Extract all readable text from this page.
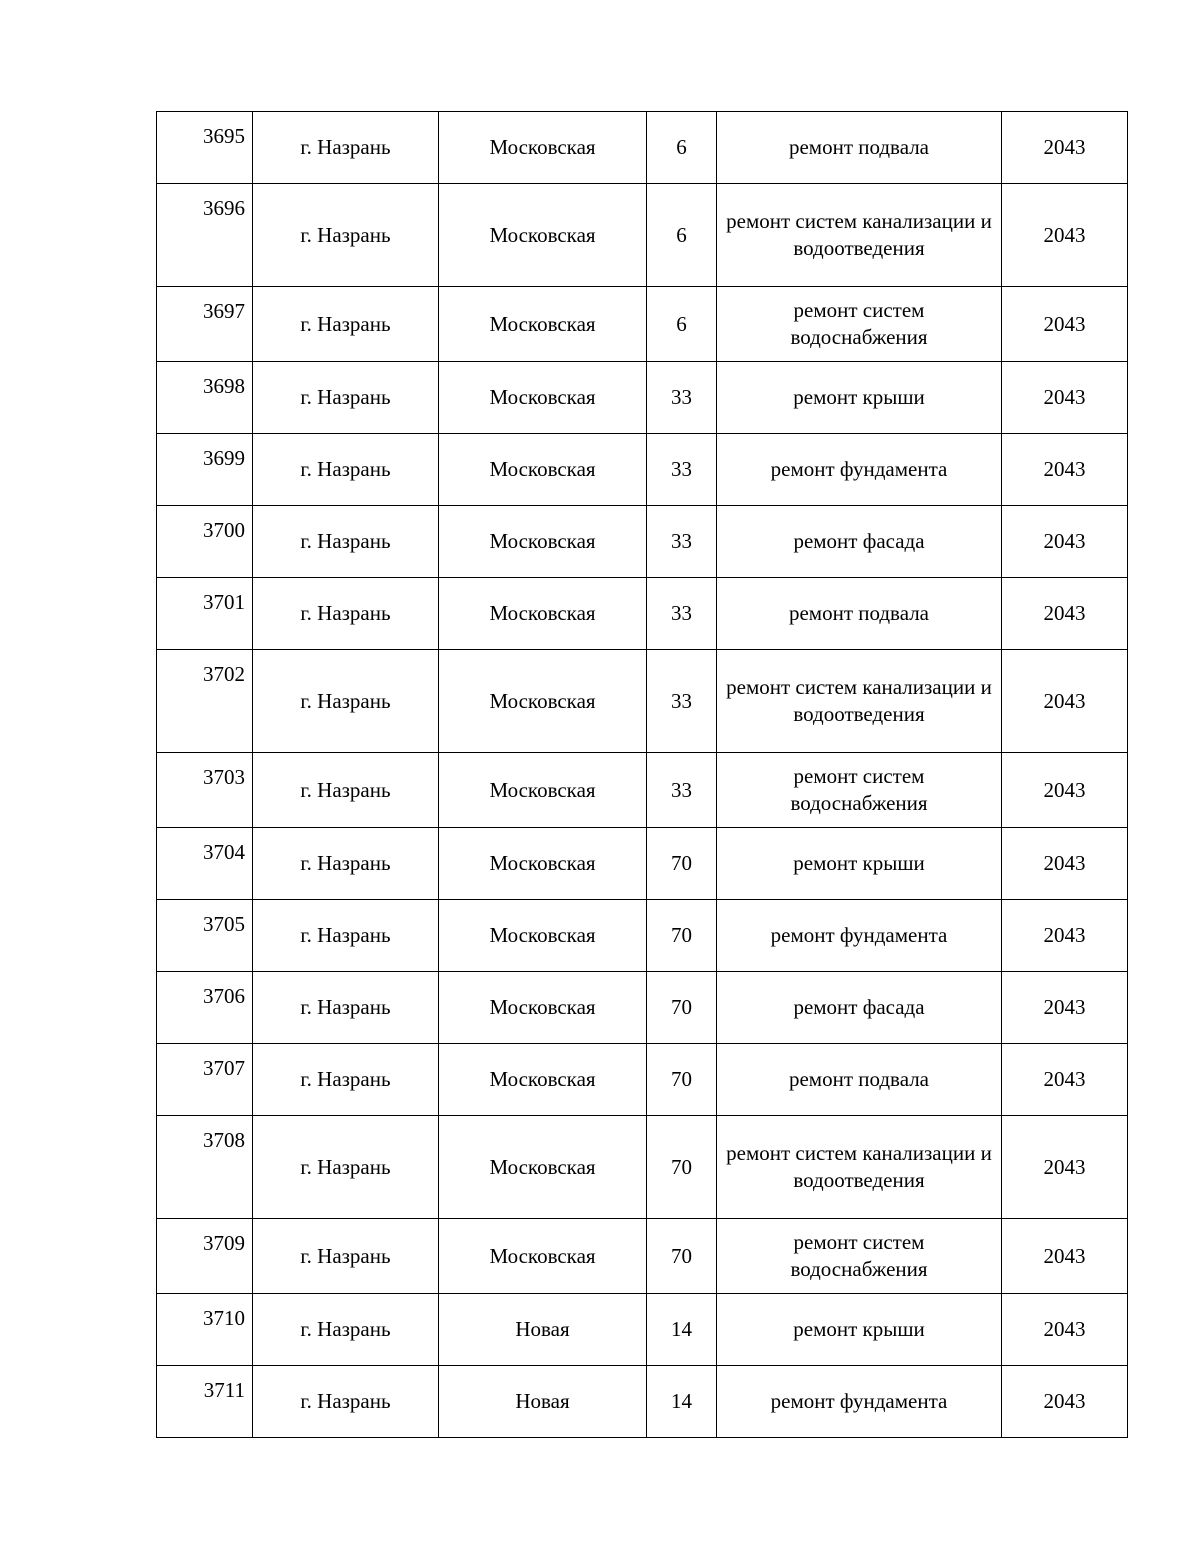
3695	г. Назрань	Московская	6	ремонт подвала	2043
3696	г. Назрань	Московская	6	ремонт систем канализации и водоотведения	2043
3697	г. Назрань	Московская	6	ремонт систем водоснабжения	2043
3698	г. Назрань	Московская	33	ремонт крыши	2043
3699	г. Назрань	Московская	33	ремонт фундамента	2043
3700	г. Назрань	Московская	33	ремонт фасада	2043
3701	г. Назрань	Московская	33	ремонт подвала	2043
3702	г. Назрань	Московская	33	ремонт систем канализации и водоотведения	2043
3703	г. Назрань	Московская	33	ремонт систем водоснабжения	2043
3704	г. Назрань	Московская	70	ремонт крыши	2043
3705	г. Назрань	Московская	70	ремонт фундамента	2043
3706	г. Назрань	Московская	70	ремонт фасада	2043
3707	г. Назрань	Московская	70	ремонт подвала	2043
3708	г. Назрань	Московская	70	ремонт систем канализации и водоотведения	2043
3709	г. Назрань	Московская	70	ремонт систем водоснабжения	2043
3710	г. Назрань	Новая	14	ремонт крыши	2043
3711	г. Назрань	Новая	14	ремонт фундамента	2043
